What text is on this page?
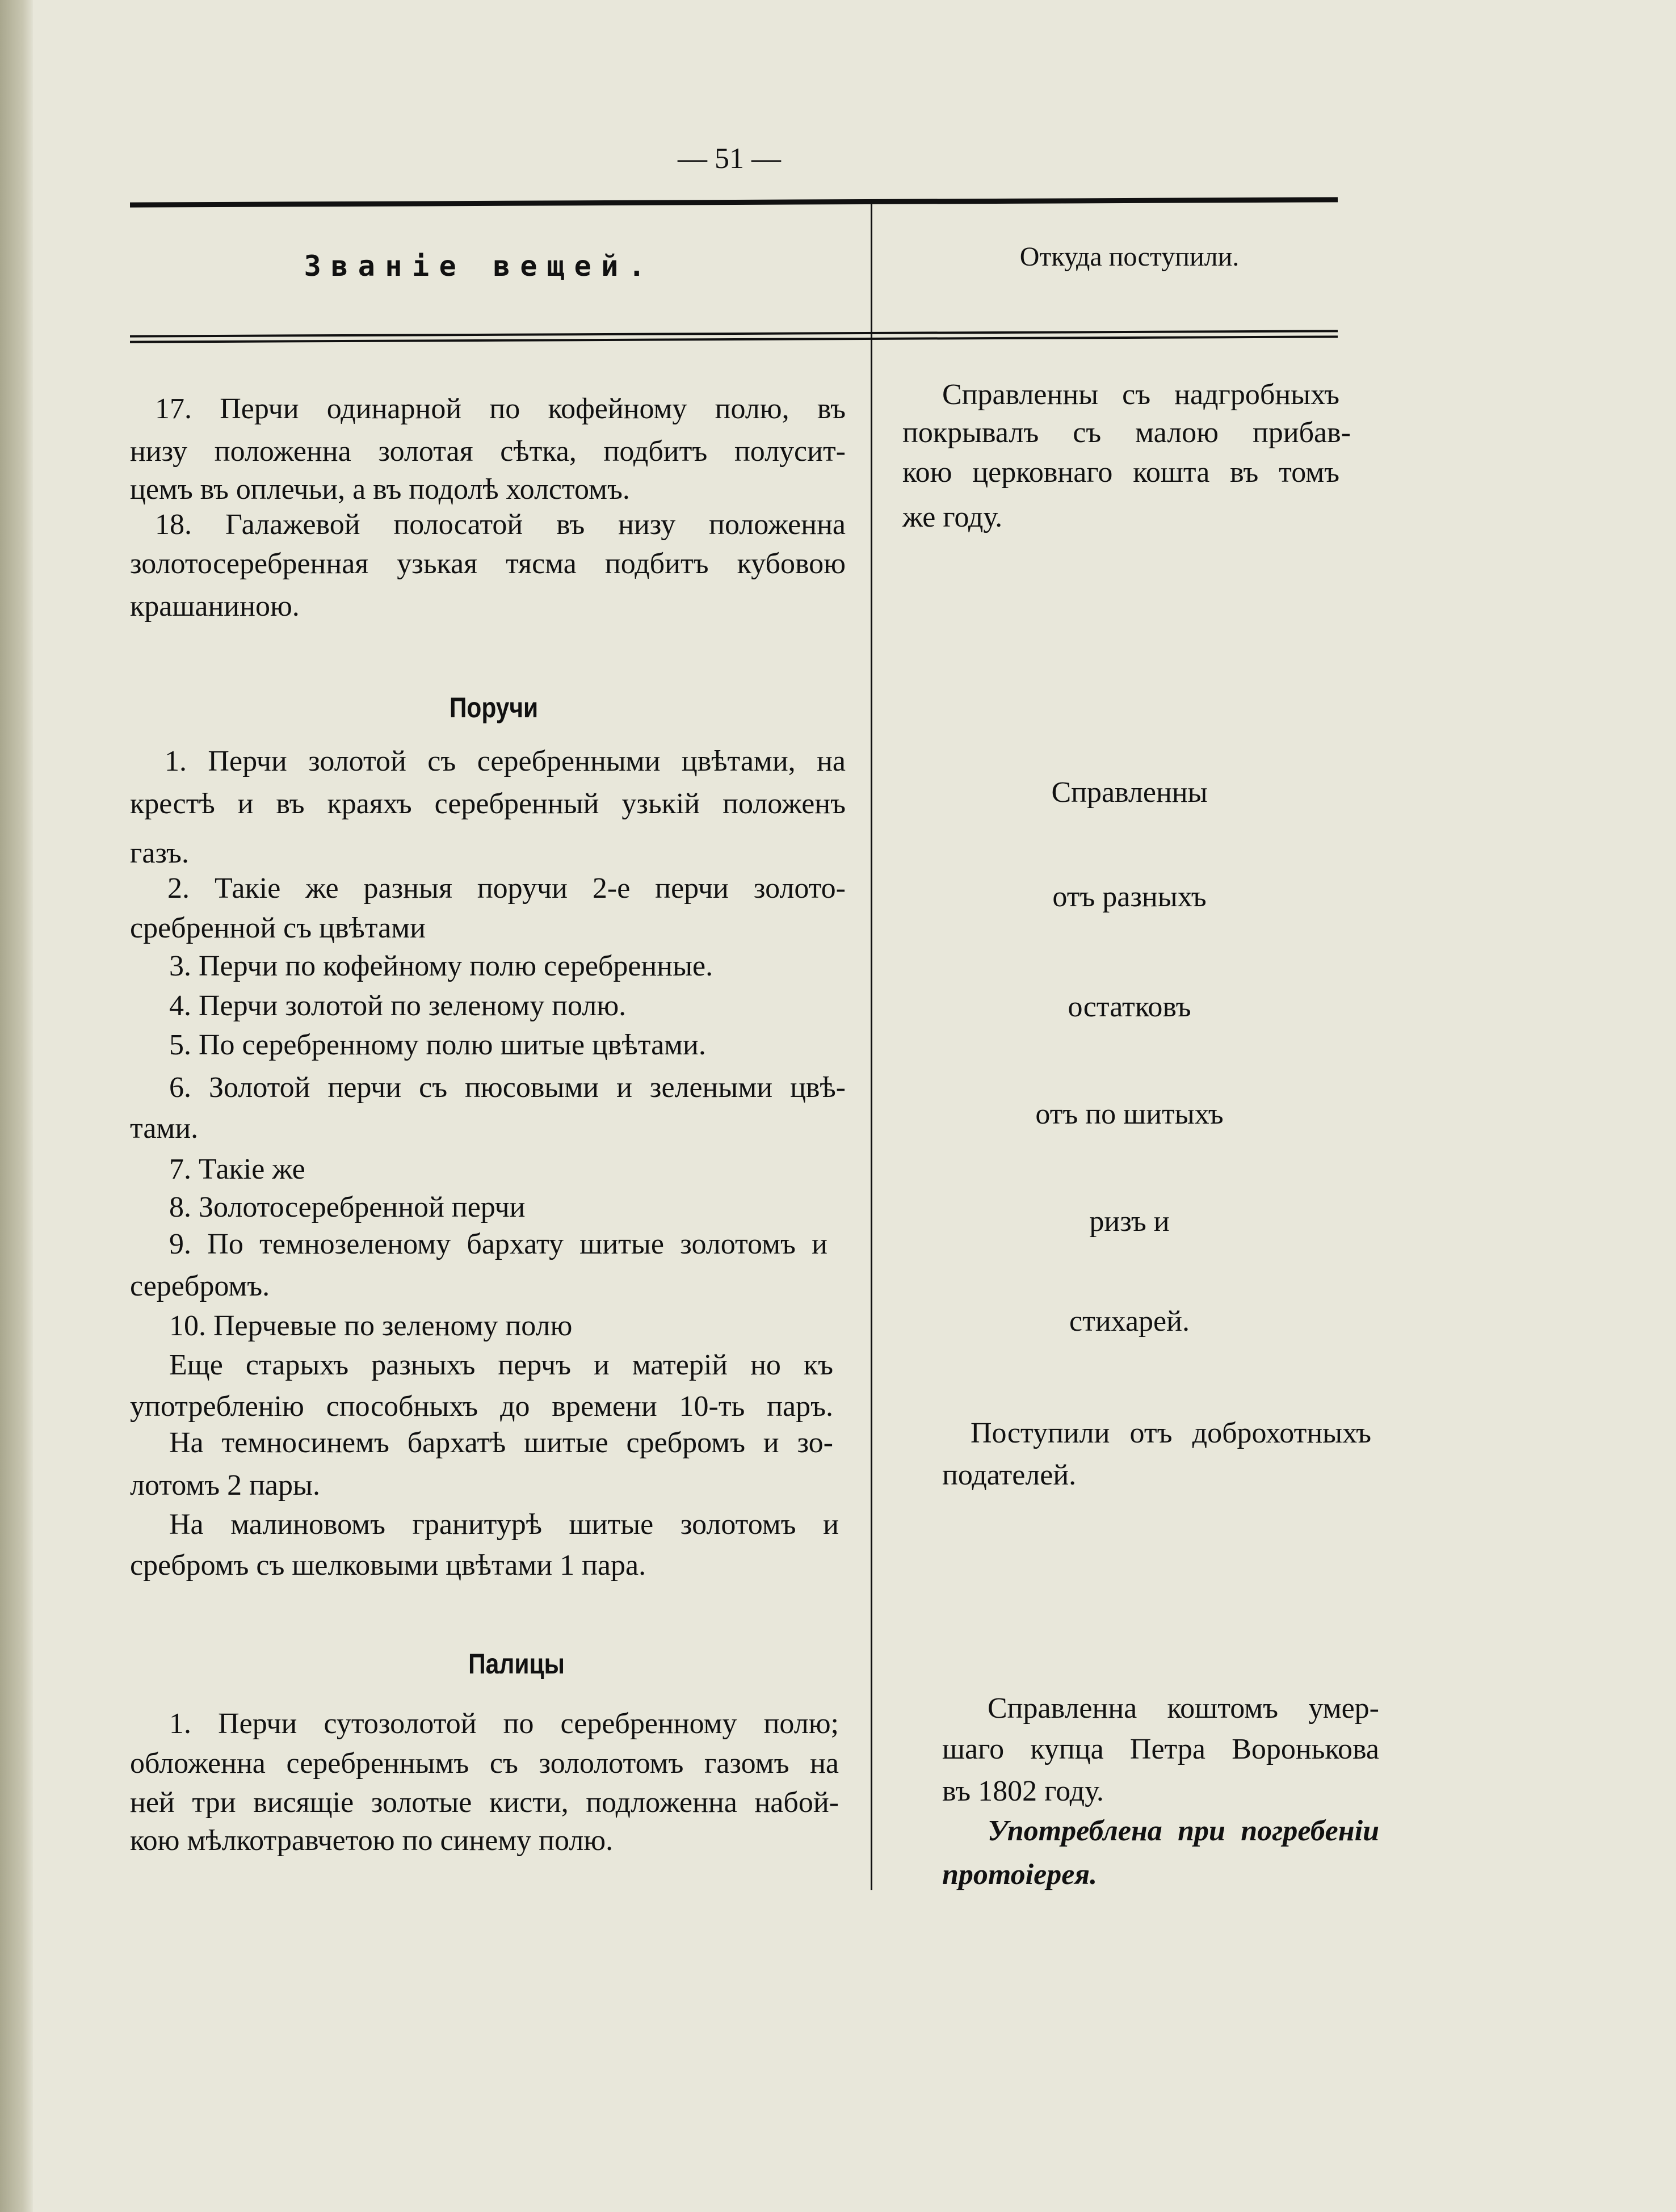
— 51 —
Званіе вещей.	Откуда поступили.
17. Перчи одинарной по кофейному полю, въ
низу положенна золотая сѣтка, подбитъ полусит-
цемъ въ оплечьи, а въ подолѣ холстомъ.
18. Галажевой полосатой въ низу положенна
золотосеребренная узькая тясма подбитъ кубовою
крашаниною.
Поручи
1. Перчи золотой съ серебренными цвѣтами, на
крестѣ и въ краяхъ серебренный узькій положенъ
газъ.
2. Такіе же разныя поручи 2-е перчи золото-
сребренной съ цвѣтами
3. Перчи по кофейному полю серебренные.
4. Перчи золотой по зеленому полю.
5. По серебренному полю шитые цвѣтами.
6. Золотой перчи съ пюсовыми и зелеными цвѣ-
тами.
7. Такіе же
8. Золотосеребренной перчи
9. По темнозеленому бархату шитые золотомъ и
серебромъ.
10. Перчевые по зеленому полю
Еще старыхъ разныхъ перчъ и матерій но къ
употребленію способныхъ до времени 10-ть паръ.
На темносинемъ бархатѣ шитые сребромъ и зо-
лотомъ 2 пары.
На малиновомъ гранитурѣ шитые золотомъ и
сребромъ съ шелковыми цвѣтами 1 пара.
Палицы
1. Перчи сутозолотой по серебренному полю;
обложенна серебреннымъ съ зололотомъ газомъ на
ней три висящіе золотые кисти, подложенна набой-
кою мѣлкотравчетою по синему полю.
Справленны съ надгробныхъ
покрывалъ съ малою прибав-
кою церковнаго кошта въ томъ
же году.
Справленны
отъ разныхъ
остатковъ
отъ по шитыхъ
ризъ и
стихарей.
Поступили отъ доброхотныхъ
подателей.
Справленна коштомъ умер-
шаго купца Петра Воронькова
въ 1802 году.
Употреблена при погребеніи
протоіерея.
